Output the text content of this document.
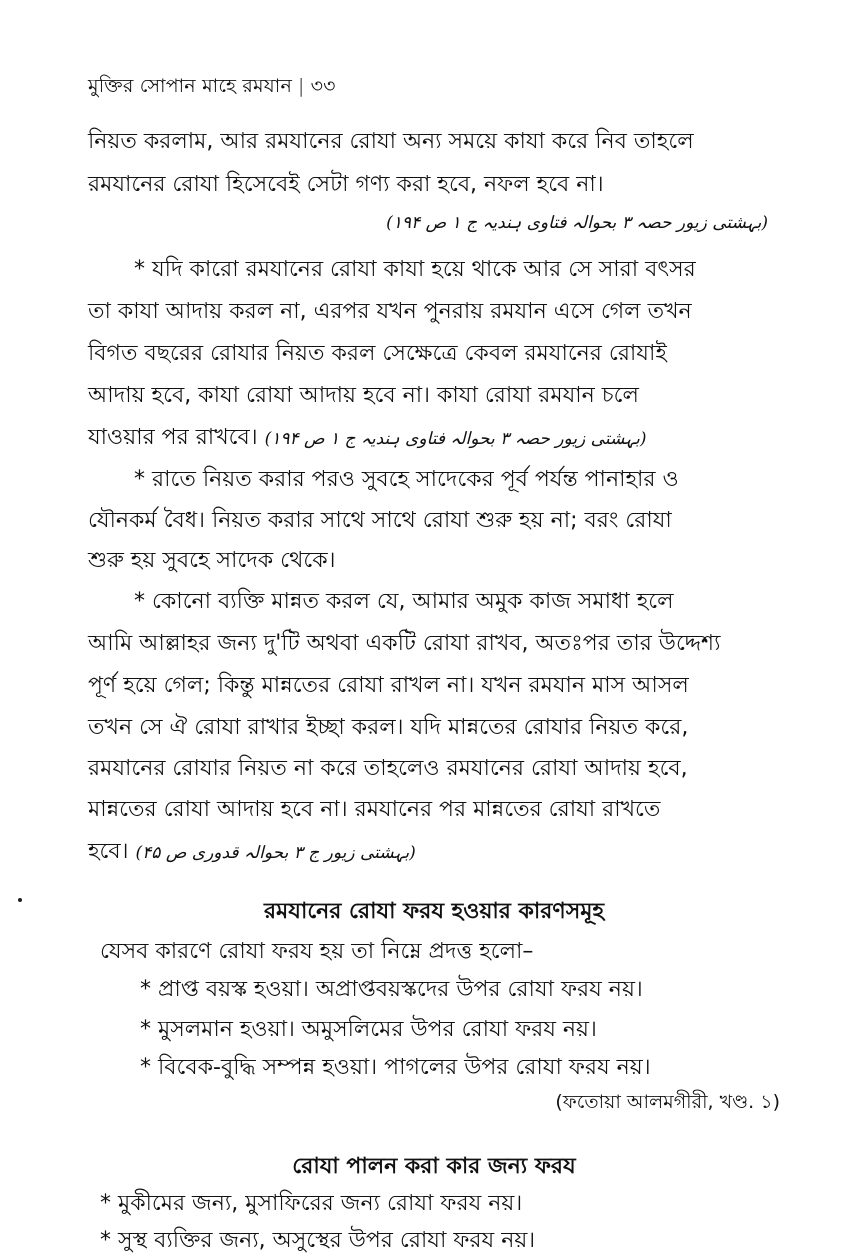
মুক্তির সোপান মাহে রমযান | ৩৩
নিয়ত করলাম, আর রমযানের রোযা অন্য সময়ে কাযা করে নিব তাহলে
রমযানের রোযা হিসেবেই সেটা গণ্য করা হবে, নফল হবে না।
(بہشتی زیور حصہ ۳ بحوالہ فتاوی ہندیہ ج ۱ ص ۱۹۴)
* যদি কারো রমযানের রোযা কাযা হয়ে থাকে আর সে সারা বৎসর
তা কাযা আদায় করল না, এরপর যখন পুনরায় রমযান এসে গেল তখন
বিগত বছরের রোযার নিয়ত করল সেক্ষেত্রে কেবল রমযানের রোযাই
আদায় হবে, কাযা রোযা আদায় হবে না। কাযা রোযা রমযান চলে
যাওয়ার পর রাখবে। (بہشتی زیور حصہ ۳ بحوالہ فتاوی ہندیہ ج ۱ ص ۱۹۴)
* রাতে নিয়ত করার পরও সুবহে সাদেকের পূর্ব পর্যন্ত পানাহার ও
যৌনকর্ম বৈধ। নিয়ত করার সাথে সাথে রোযা শুরু হয় না; বরং রোযা
শুরু হয় সুবহে সাদেক থেকে।
* কোনো ব্যক্তি মান্নত করল যে, আমার অমুক কাজ সমাধা হলে
আমি আল্লাহর জন্য দু'টি অথবা একটি রোযা রাখব, অতঃপর তার উদ্দেশ্য
পূর্ণ হয়ে গেল; কিন্তু মান্নতের রোযা রাখল না। যখন রমযান মাস আসল
তখন সে ঐ রোযা রাখার ইচ্ছা করল। যদি মান্নতের রোযার নিয়ত করে,
রমযানের রোযার নিয়ত না করে তাহলেও রমযানের রোযা আদায় হবে,
মান্নতের রোযা আদায় হবে না। রমযানের পর মান্নতের রোযা রাখতে
হবে। (بہشتی زیور ج ۳ بحوالہ قدوری ص ۴۵)
রমযানের রোযা ফরয হওয়ার কারণসমূহ
যেসব কারণে রোযা ফরয হয় তা নিম্নে প্রদত্ত হলো–
* প্রাপ্ত বয়স্ক হওয়া। অপ্রাপ্তবয়স্কদের উপর রোযা ফরয নয়।
* মুসলমান হওয়া। অমুসলিমের উপর রোযা ফরয নয়।
* বিবেক-বুদ্ধি সম্পন্ন হওয়া। পাগলের উপর রোযা ফরয নয়।
(ফতোয়া আলমগীরী, খণ্ড. ১)
রোযা পালন করা কার জন্য ফরয
* মুকীমের জন্য, মুসাফিরের জন্য রোযা ফরয নয়।
* সুস্থ ব্যক্তির জন্য, অসুস্থের উপর রোযা ফরয নয়।
